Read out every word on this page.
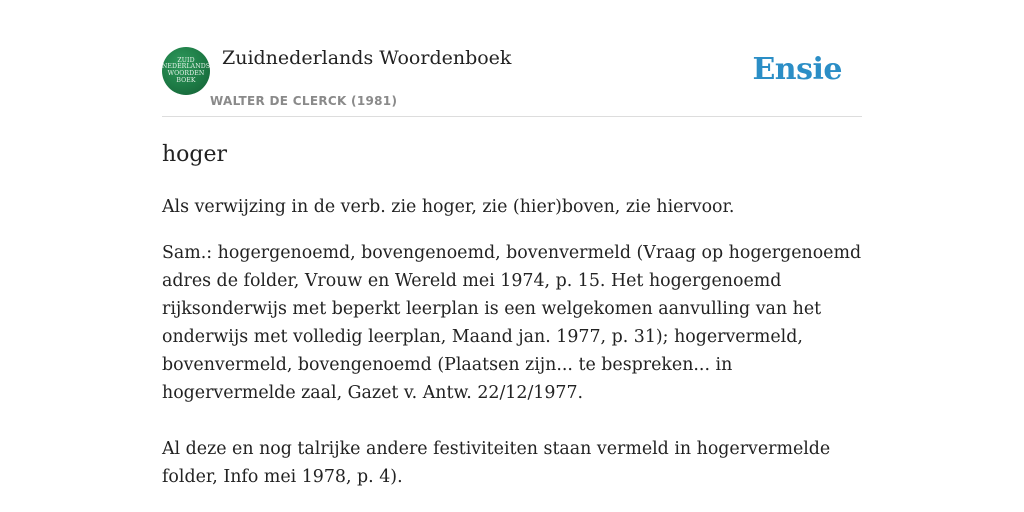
ZUID
NEDERLANDS
WOORDEN
BOEK
Zuidnederlands Woordenboek
WALTER DE CLERCK (1981)
Ensie
hoger

Als verwijzing in de verb. zie hoger, zie (hier)boven, zie hiervoor.

Sam.: hogergenoemd, bovengenoemd, bovenvermeld (Vraag op hogergenoemd adres de folder, Vrouw en Wereld mei 1974, p. 15. Het hogergenoemd rijksonderwijs met beperkt leerplan is een welgekomen aanvulling van het onderwijs met volledig leerplan, Maand jan. 1977, p. 31); hogervermeld, bovenvermeld, bovengenoemd (Plaatsen zijn... te bespreken... in hogervermelde zaal, Gazet v. Antw. 22/12/1977.

Al deze en nog talrijke andere festiviteiten staan vermeld in hogervermelde folder, Info mei 1978, p. 4).
